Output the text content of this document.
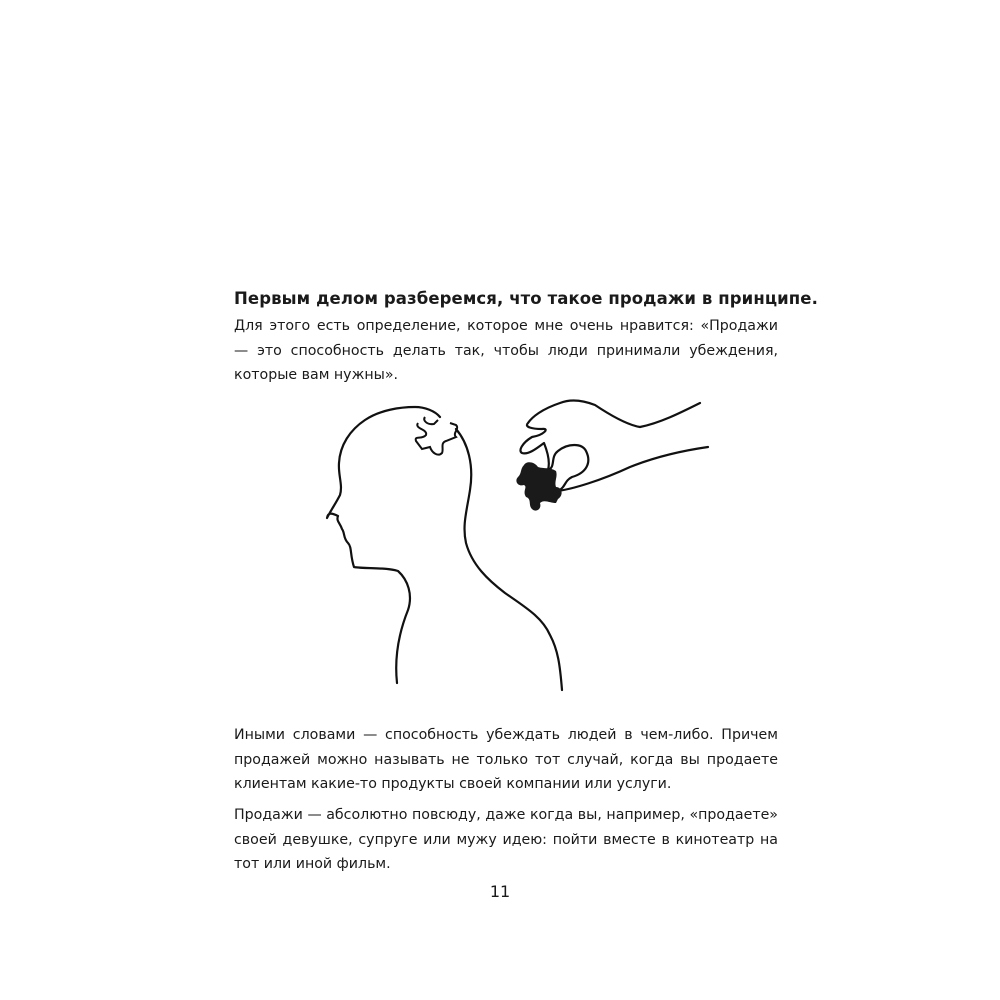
Первым делом разберемся, что такое продажи в принципе.
Для этого есть определение, которое мне очень нравится: «Продажи — это способность делать так, чтобы люди принимали убеждения, которые вам нужны».
Иными словами — способность убеждать людей в чем-либо. Причем продажей можно называть не только тот случай, когда вы продаете клиентам какие-то продукты своей компании или услуги.
Продажи — абсолютно повсюду, даже когда вы, например, «продаете» своей девушке, супруге или мужу идею: пойти вместе в кинотеатр на тот или иной фильм.
11
